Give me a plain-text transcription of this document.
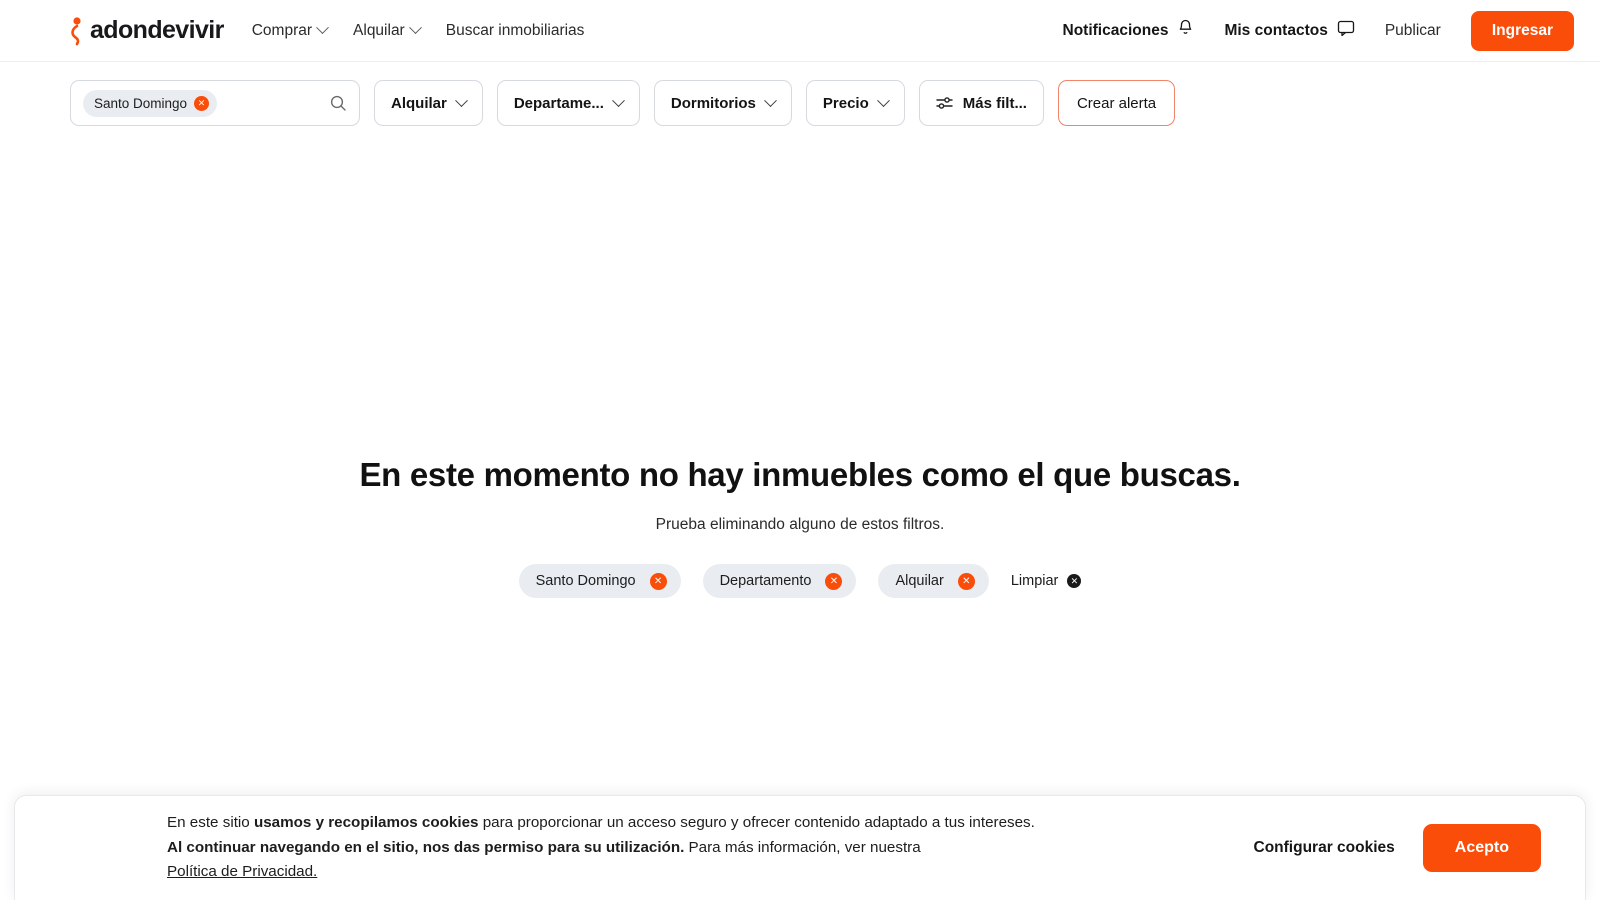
adondevivir Comprar	Alquilar	Buscar inmobiliarias	Notificaciones	Mis contactos	Publicar	Ingresar
Santo Domingo	✕	Alquilar	Departame...	Dormitorios	Precio	Más filt...	Crear alerta
En este momento no hay inmuebles como el que buscas.

Prueba eliminando alguno de estos filtros.

Santo Domingo	✕	Departamento	✕	Alquilar	✕	Limpiar	✕
En este sitio usamos y recopilamos cookies para proporcionar un acceso seguro y ofrecer contenido adaptado a tus intereses. Al continuar navegando en el sitio, nos das permiso para su utilización. Para más información, ver nuestra
Política de Privacidad.
Configurar cookies	Acepto
